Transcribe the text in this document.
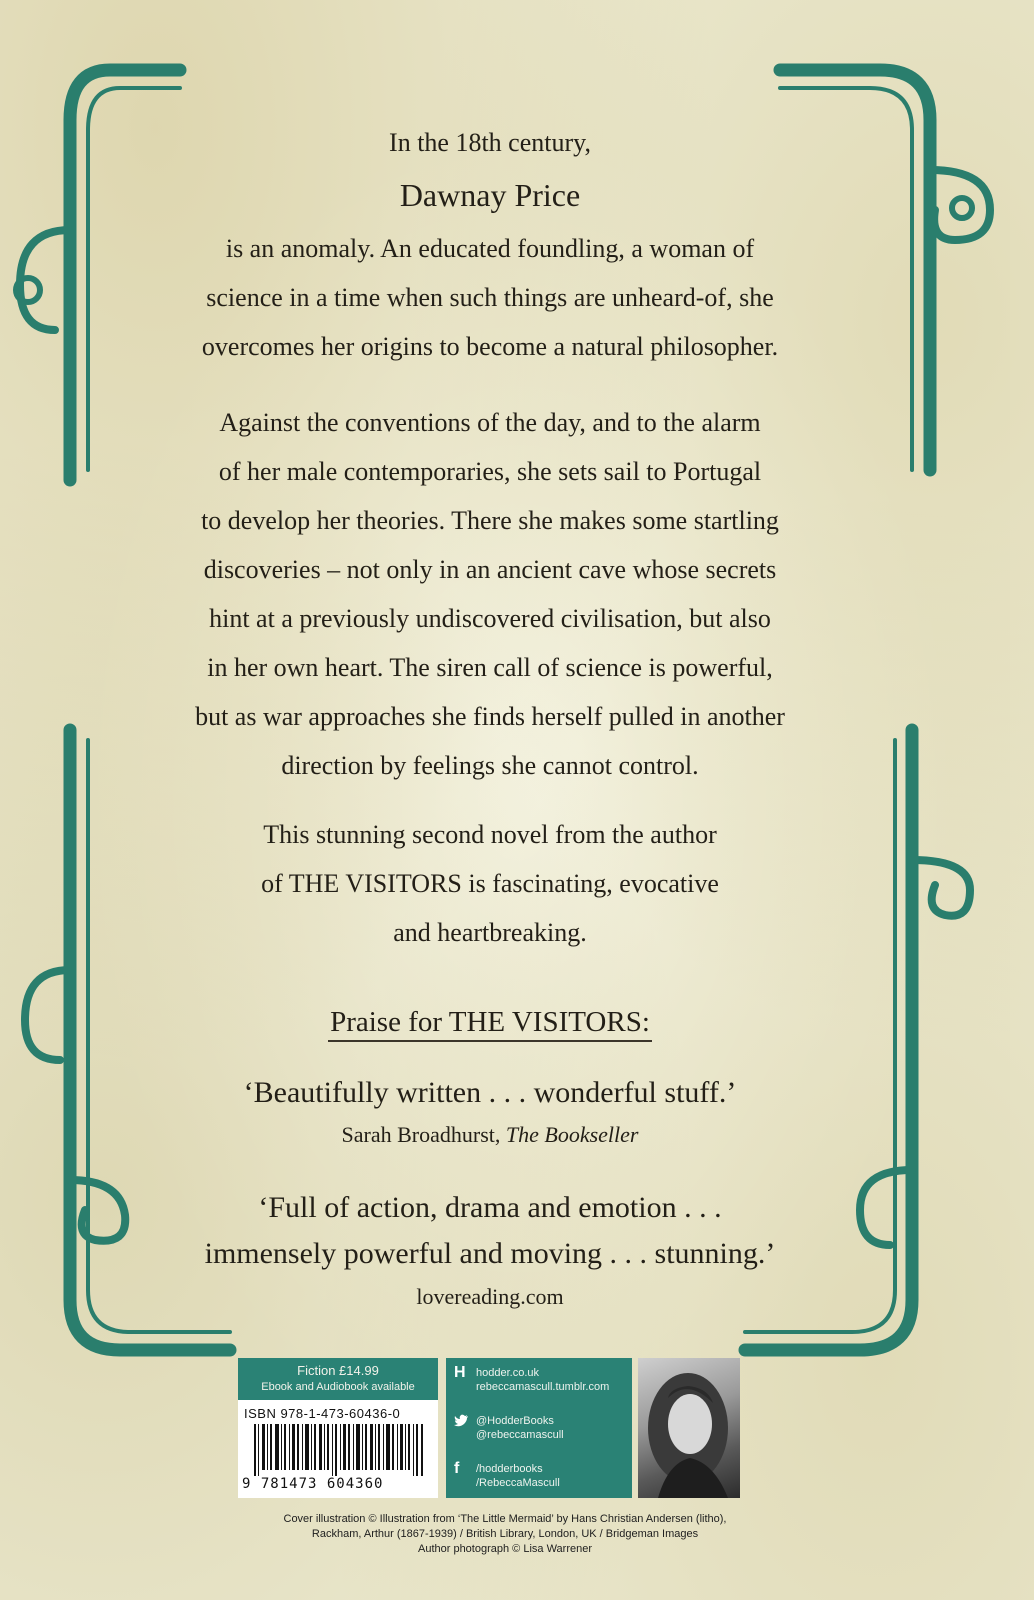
In the 18th century,
Dawnay Price
is an anomaly. An educated foundling, a woman of
science in a time when such things are unheard-of, she
overcomes her origins to become a natural philosopher.
Against the conventions of the day, and to the alarm
of her male contemporaries, she sets sail to Portugal
to develop her theories. There she makes some startling
discoveries – not only in an ancient cave whose secrets
hint at a previously undiscovered civilisation, but also
in her own heart. The siren call of science is powerful,
but as war approaches she finds herself pulled in another
direction by feelings she cannot control.
This stunning second novel from the author
of THE VISITORS is fascinating, evocative
and heartbreaking.
Praise for THE VISITORS:
‘Beautifully written . . . wonderful stuff.’
Sarah Broadhurst, The Bookseller
‘Full of action, drama and emotion . . .
immensely powerful and moving . . . stunning.’
lovereading.com
Fiction £14.99
Ebook and Audiobook available
ISBN 978-1-473-60436-0
9 781473 604360
H hodder.co.uk
rebeccamascull.tumblr.com
@HodderBooks
@rebeccamascull
f /hodderbooks
/RebeccaMascull
Cover illustration © Illustration from ‘The Little Mermaid’ by Hans Christian Andersen (litho),
Rackham, Arthur (1867-1939) / British Library, London, UK / Bridgeman Images
Author photograph © Lisa Warrener
